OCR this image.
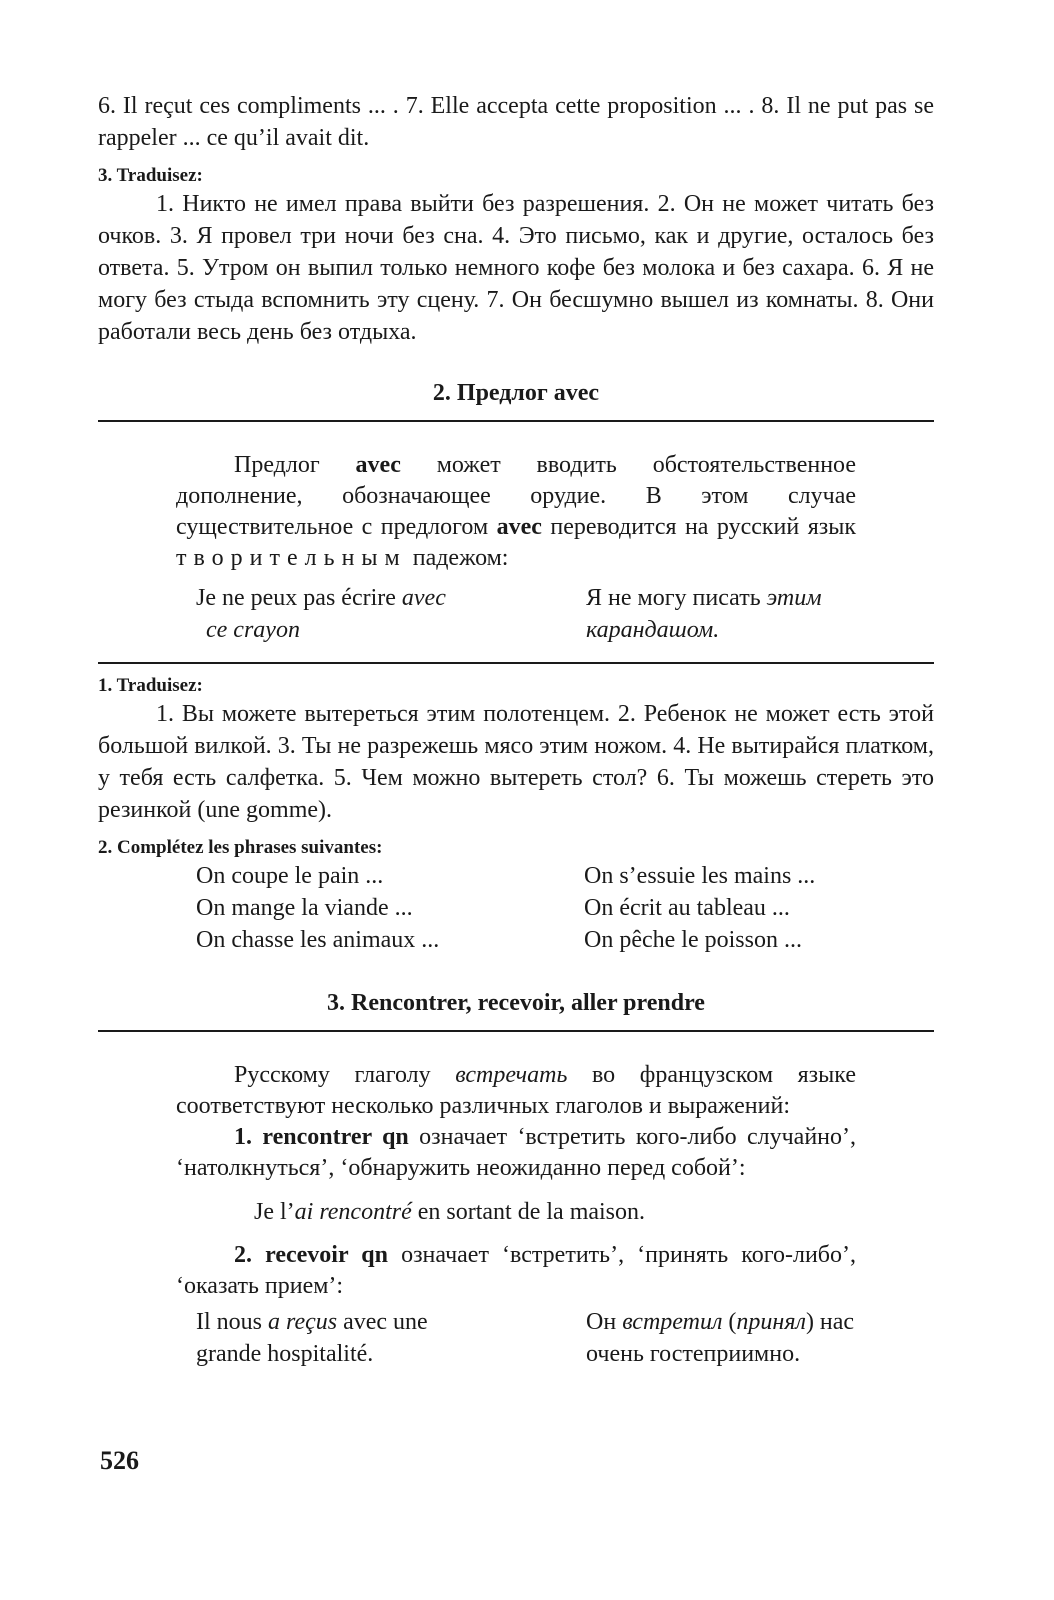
6. Il reçut ces compliments ... . 7. Elle accepta cette proposition ... . 8. Il ne put pas se rappeler ... ce qu’il avait dit.

3. Traduisez:

1. Никто не имел права выйти без разрешения. 2. Он не может читать без очков. 3. Я провел три ночи без сна. 4. Это письмо, как и другие, осталось без ответа. 5. Утром он выпил только немного кофе без молока и без сахара. 6. Я не могу без стыда вспомнить эту сцену. 7. Он бесшумно вышел из комнаты. 8. Они работали весь день без отдыха.

2. Предлог avec

Предлог avec может вводить обстоятельственное дополнение, обозначающее орудие. В этом случае существительное с предлогом avec переводится на русский язык творительным падежом:

Je ne peux pas écrire avec
ce crayon
Я не могу писать этим
карандашом.

1. Traduisez:

1. Вы можете вытереться этим полотенцем. 2. Ребенок не может есть этой большой вилкой. 3. Ты не разрежешь мясо этим ножом. 4. Не вытирайся платком, у тебя есть салфетка. 5. Чем можно вытереть стол? 6. Ты можешь стереть это резинкой (une gomme).

2. Complétez les phrases suivantes:

On coupe le pain ...
On mange la viande ...
On chasse les animaux ...
On s’essuie les mains ...
On écrit au tableau ...
On pêche le poisson ...
3. Rencontrer, recevoir, aller prendre

Русскому глаголу встречать во французском языке соответствуют несколько различных глаголов и выражений:

1. rencontrer qn означает ‘встретить кого-либо случайно’, ‘натолкнуться’, ‘обнаружить неожиданно перед собой’:

Je l’ai rencontré en sortant de la maison.

2. recevoir qn означает ‘встретить’, ‘принять кого-либо’, ‘оказать прием’:

Il nous a reçus avec une
grande hospitalité.
Он встретил (принял) нас
очень гостеприимно.
526
